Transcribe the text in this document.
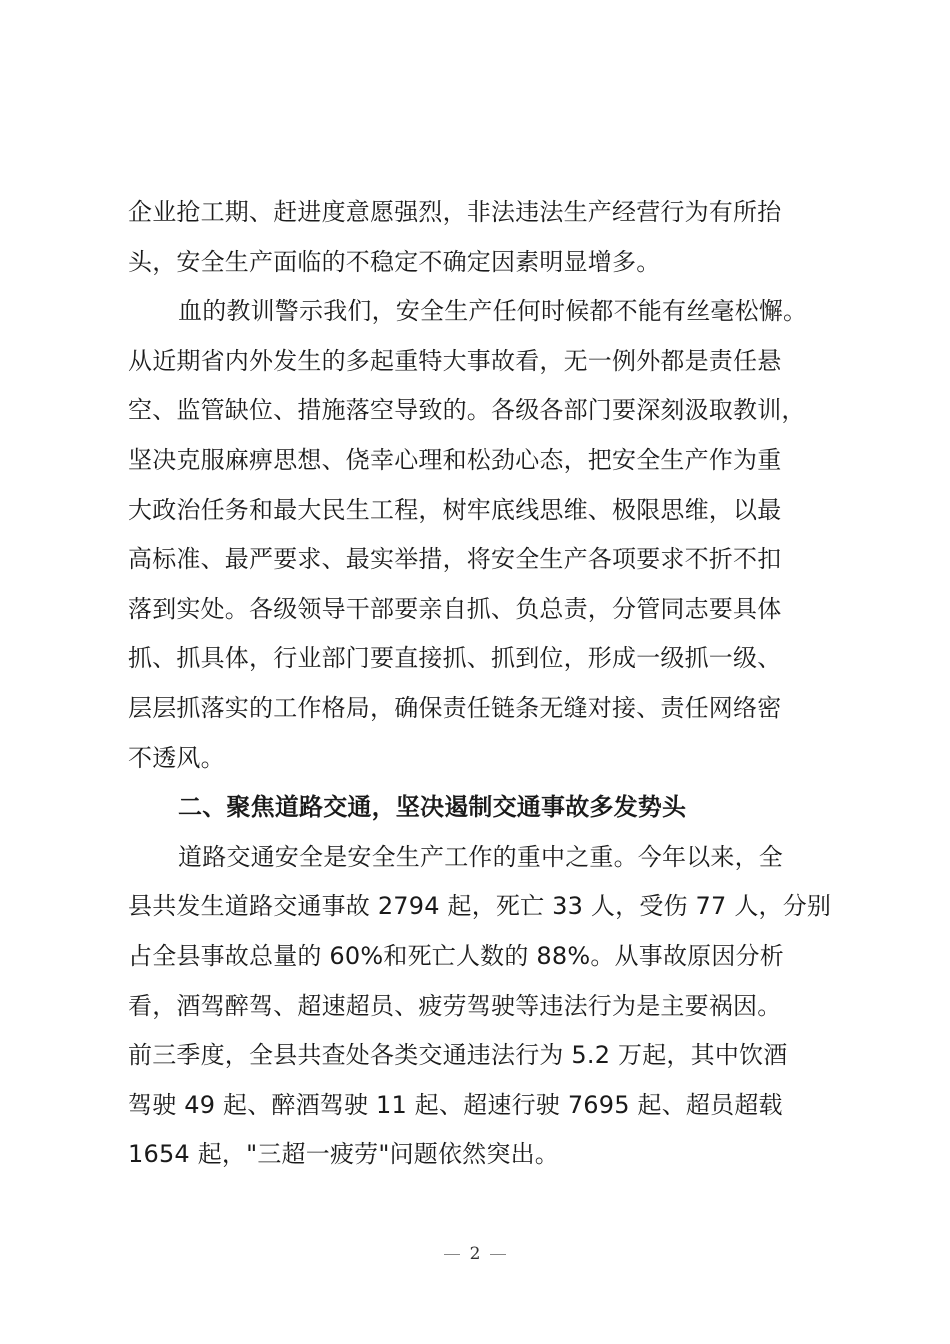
企业抢工期、赶进度意愿强烈，非法违法生产经营行为有所抬
头，安全生产面临的不稳定不确定因素明显增多。
血的教训警示我们，安全生产任何时候都不能有丝毫松懈。
从近期省内外发生的多起重特大事故看，无一例外都是责任悬
空、监管缺位、措施落空导致的。各级各部门要深刻汲取教训，
坚决克服麻痹思想、侥幸心理和松劲心态，把安全生产作为重
大政治任务和最大民生工程，树牢底线思维、极限思维，以最
高标准、最严要求、最实举措，将安全生产各项要求不折不扣
落到实处。各级领导干部要亲自抓、负总责，分管同志要具体
抓、抓具体，行业部门要直接抓、抓到位，形成一级抓一级、
层层抓落实的工作格局，确保责任链条无缝对接、责任网络密
不透风。
二、聚焦道路交通，坚决遏制交通事故多发势头
道路交通安全是安全生产工作的重中之重。今年以来，全
县共发生道路交通事故 2794 起，死亡 33 人，受伤 77 人，分别
占全县事故总量的 60%和死亡人数的 88%。从事故原因分析
看，酒驾醉驾、超速超员、疲劳驾驶等违法行为是主要祸因。
前三季度，全县共查处各类交通违法行为 5.2 万起，其中饮酒
驾驶 49 起、醉酒驾驶 11 起、超速行驶 7695 起、超员超载
1654 起，"三超一疲劳"问题依然突出。
2
